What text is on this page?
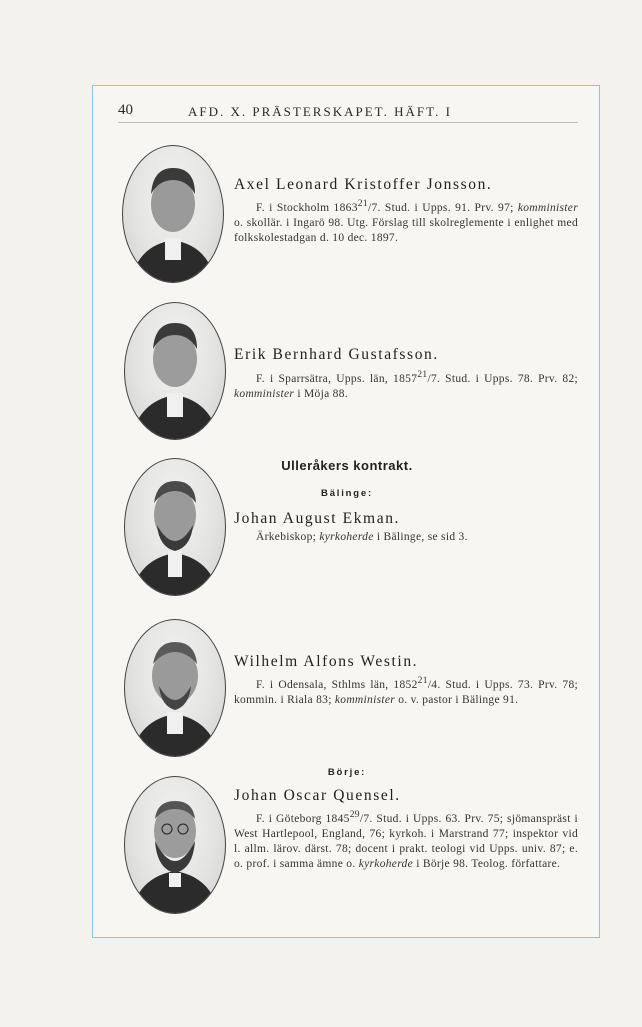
40	AFD. X. PRÄSTERSKAPET. HÄFT. I
Axel Leonard Kristoffer Jonsson.
F. i Stockholm 1863$^{21}$/7. Stud. i Upps. 91. Prv. 97; komminister o. skollär. i Ingarö 98. Utg. Förslag till skolreglemente i enlighet med folkskolestadgan d. 10 dec. 1897.
Erik Bernhard Gustafsson.
F. i Sparrsätra, Upps. län, 1857$^{21}$/7. Stud. i Upps. 78. Prv. 82; komminister i Möja 88.
Ulleråkers kontrakt.
Bälinge:
Johan August Ekman.
Ärkebiskop; kyrkoherde i Bälinge, se sid 3.
Wilhelm Alfons Westin.
F. i Odensala, Sthlms län, 1852$^{21}$/4. Stud. i Upps. 73. Prv. 78; kommin. i Riala 83; komminister o. v. pastor i Bälinge 91.
Börje:
Johan Oscar Quensel.
F. i Göteborg 1845$^{29}$/7. Stud. i Upps. 63. Prv. 75; sjömanspräst i West Hartlepool, England, 76; kyrkoh. i Marstrand 77; inspektor vid l. allm. lärov. därst. 78; docent i prakt. teologi vid Upps. univ. 87; e. o. prof. i samma ämne o. kyrkoherde i Börje 98. Teolog. författare.
